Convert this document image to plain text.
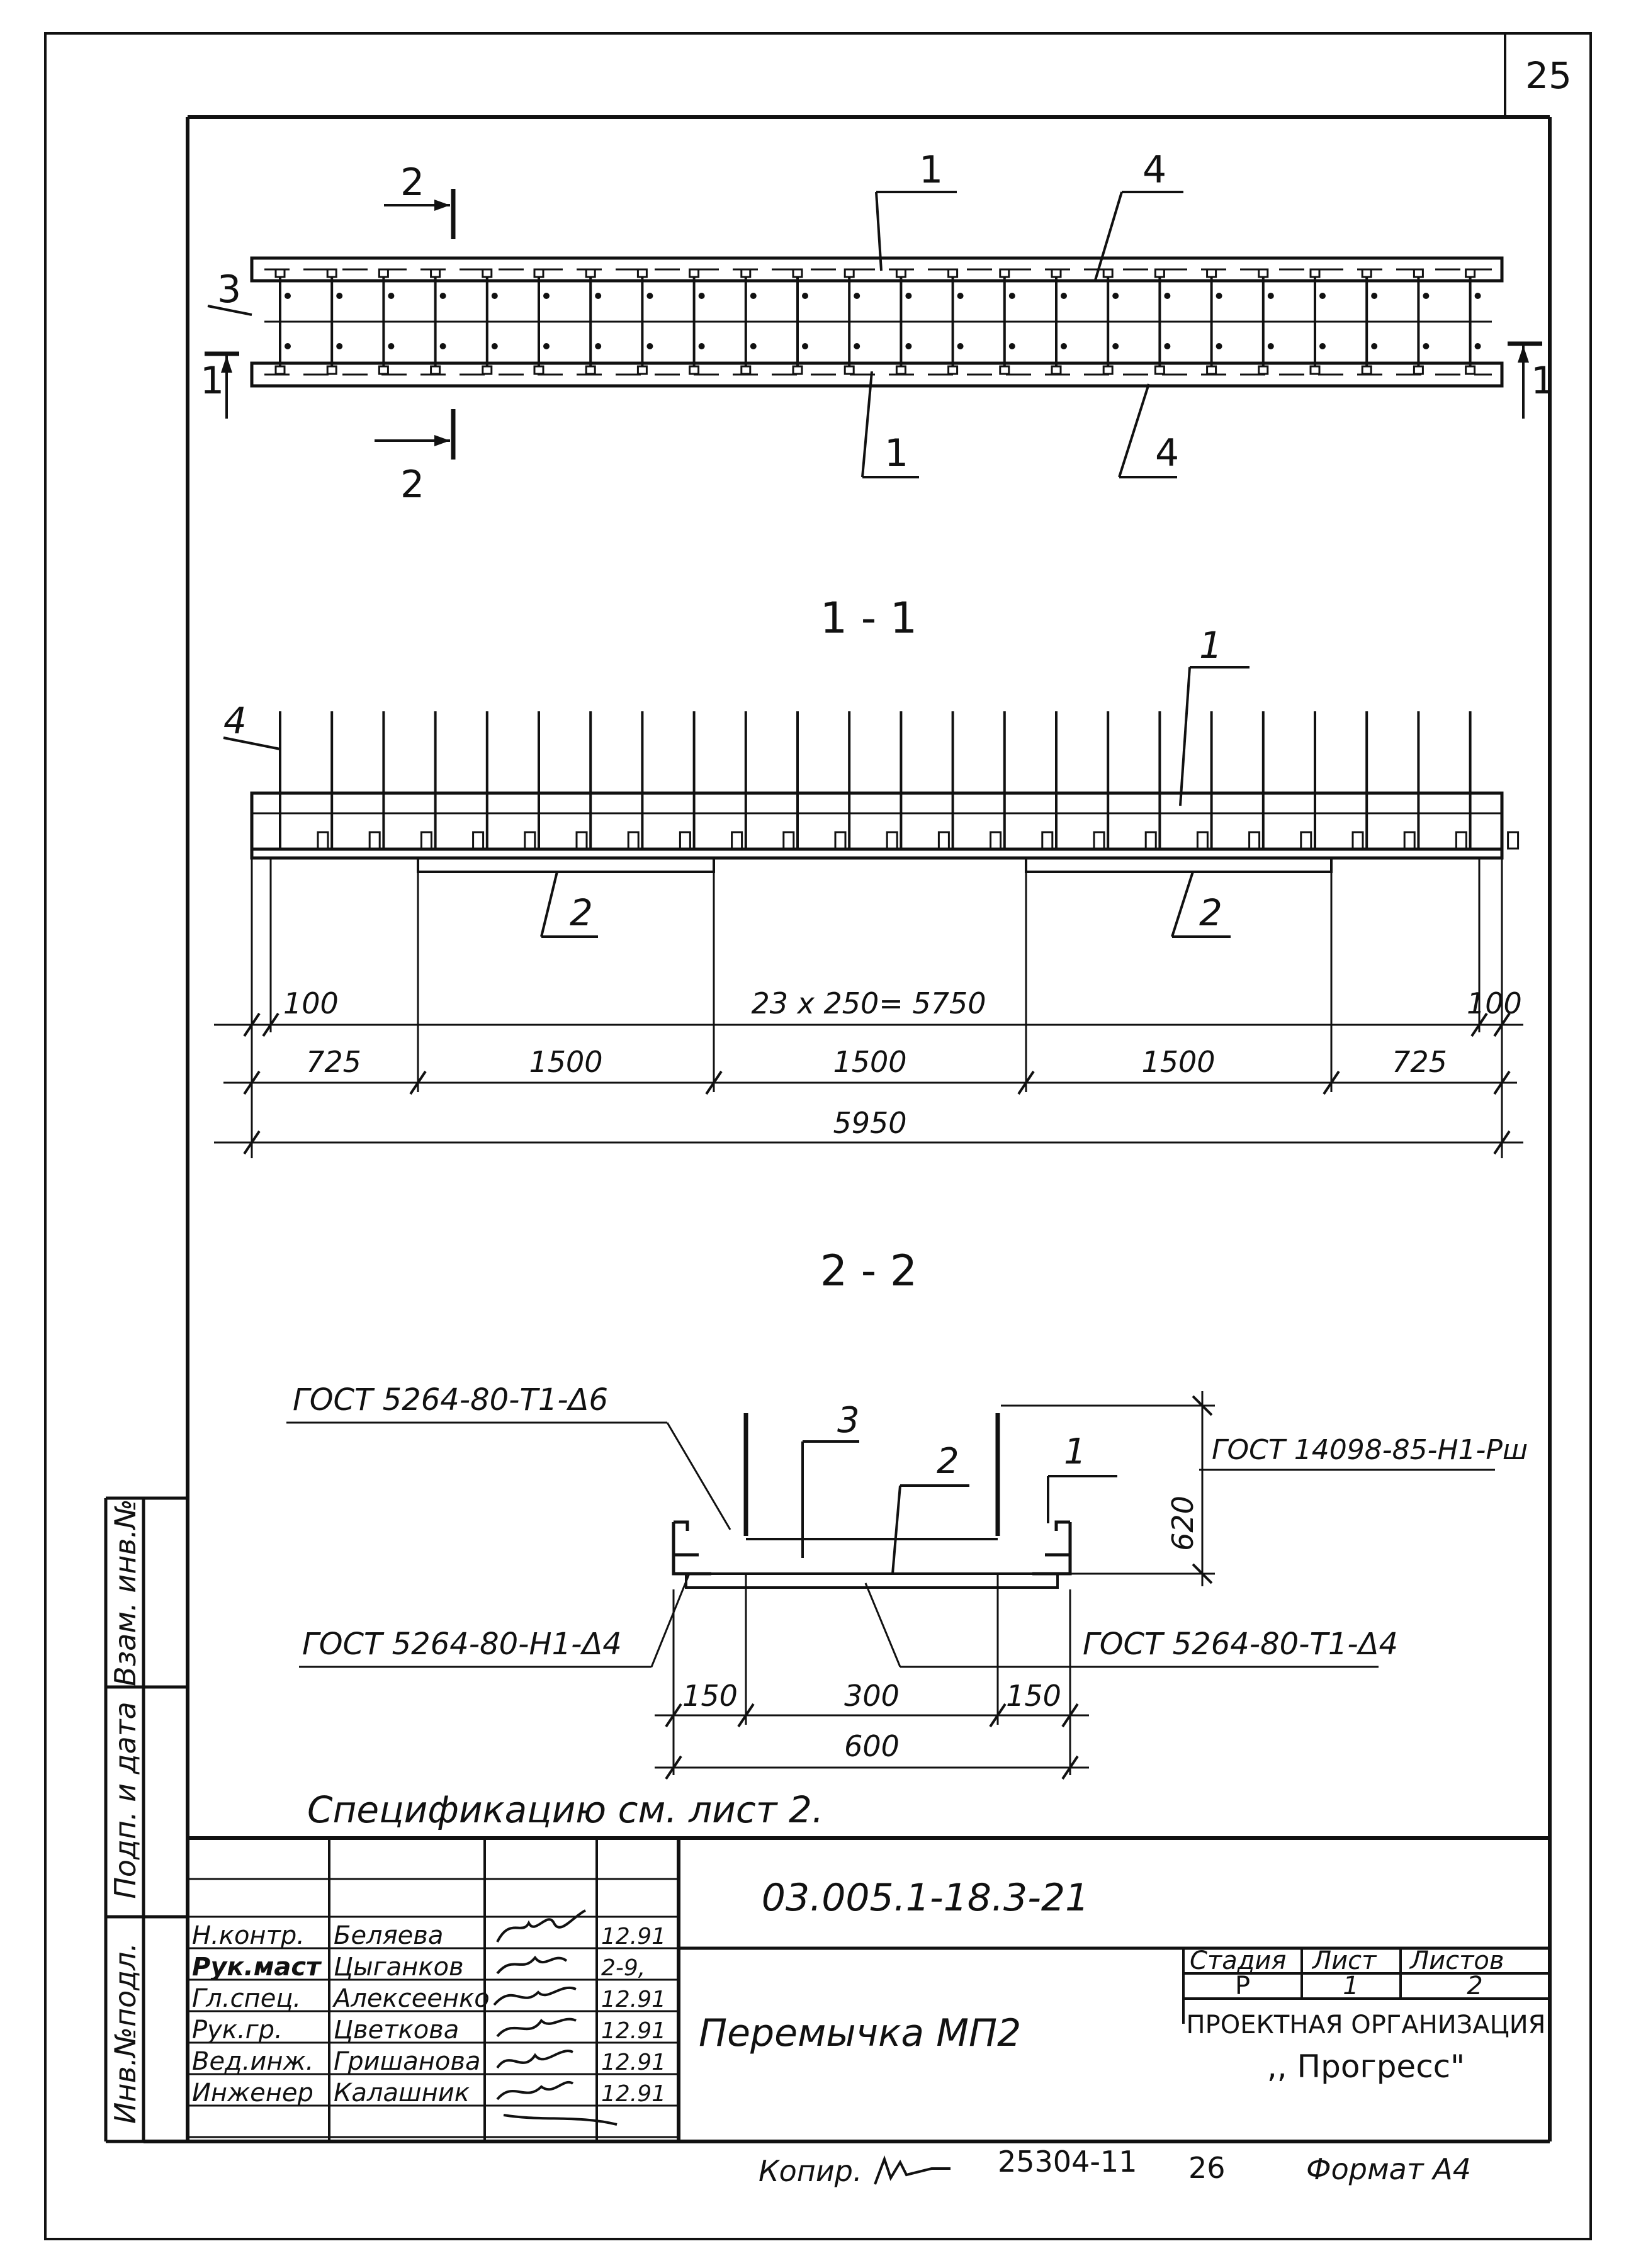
25
2
2
1	1
1	4
3
1	4
1 - 1
100	23 x 250= 5750	100
725	1500	1500	1500	725
5950
4
1
2	2
2 - 2
150	300	150
600
620
ГОСТ 5264-80-Т1-Δ6
ГОСТ 14098-85-Н1-Рш
ГОСТ 5264-80-Н1-Δ4	ГОСТ 5264-80-Т1-Δ4
3
2	1
Спецификацию см. лист 2.
Инв.№подл.
Подп. и дата
Взам. инв.№
03.005.1-18.3-21
Перемычка МП2
Стадия Лист Листов
Р	1	2
ПРОЕКТНАЯ ОРГАНИЗАЦИЯ
,, Прогресс"
Н.контр. Беляева	12.91
Рук.маст Цыганков	2-9,
Гл.спец. Алексеенко	12.91
Рук.гр. Цветкова	12.91
Вед.инж. Гришанова	12.91
Инженер Калашник	12.91
Копир.	25304-11 26	Формат А4
